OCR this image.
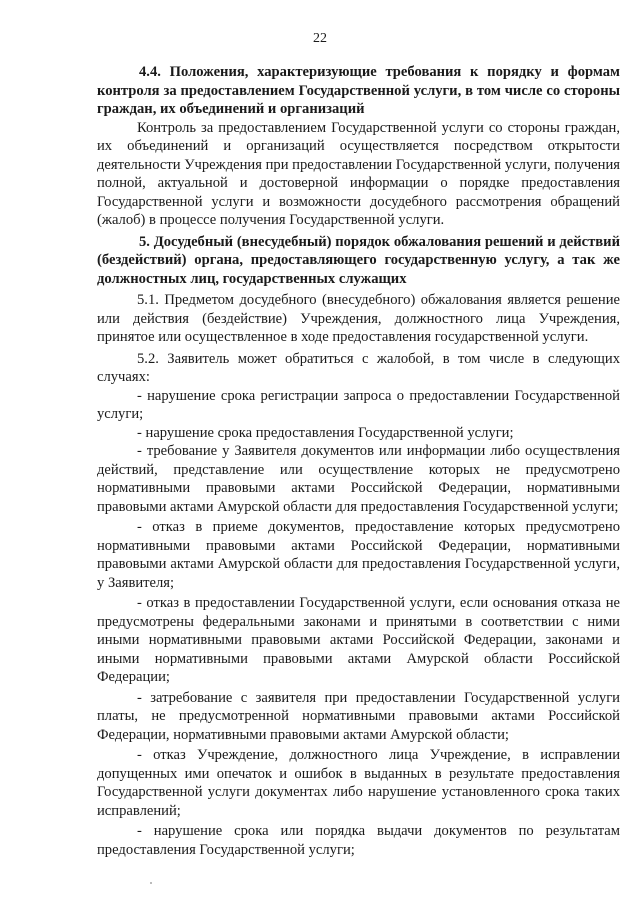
22

4.4. Положения, характеризующие требования к порядку и формам контроля за предоставлением Государственной услуги, в том числе со стороны граждан, их объединений и организаций

Контроль за предоставлением Государственной услуги со стороны граждан, их объединений и организаций осуществляется посредством открытости деятельности Учреждения при предоставлении Государственной услуги, получения полной, актуальной и достоверной информации о порядке предоставления Государственной услуги и возможности досудебного рассмотрения обращений (жалоб) в процессе получения Государственной услуги.

5. Досудебный (внесудебный) порядок обжалования решений и действий (бездействий) органа, предоставляющего государственную услугу, а так же должностных лиц, государственных служащих

5.1. Предметом досудебного (внесудебного) обжалования является решение или действия (бездействие) Учреждения, должностного лица Учреждения, принятое или осуществленное в ходе предоставления государственной услуги.

5.2. Заявитель может обратиться с жалобой, в том числе в следующих случаях:

- нарушение срока регистрации запроса о предоставлении Государственной услуги;

- нарушение срока предоставления Государственной услуги;

- требование у Заявителя документов или информации либо осуществления действий, представление или осуществление которых не предусмотрено нормативными правовыми актами Российской Федерации, нормативными правовыми актами Амурской области для предоставления Государственной услуги;

- отказ в приеме документов, предоставление которых предусмотрено нормативными правовыми актами Российской Федерации, нормативными правовыми актами Амурской области для предоставления Государственной услуги, у Заявителя;

- отказ в предоставлении Государственной услуги, если основания отказа не предусмотрены федеральными законами и принятыми в соответствии с ними иными нормативными правовыми актами Российской Федерации, законами и иными нормативными правовыми актами Амурской области Российской Федерации;

- затребование с заявителя при предоставлении Государственной услуги платы, не предусмотренной нормативными правовыми актами Российской Федерации, нормативными правовыми актами Амурской области;

- отказ Учреждение, должностного лица Учреждение, в исправлении допущенных ими опечаток и ошибок в выданных в результате предоставления Государственной услуги документах либо нарушение установленного срока таких исправлений;

- нарушение срока или порядка выдачи документов по результатам предоставления Государственной услуги;
